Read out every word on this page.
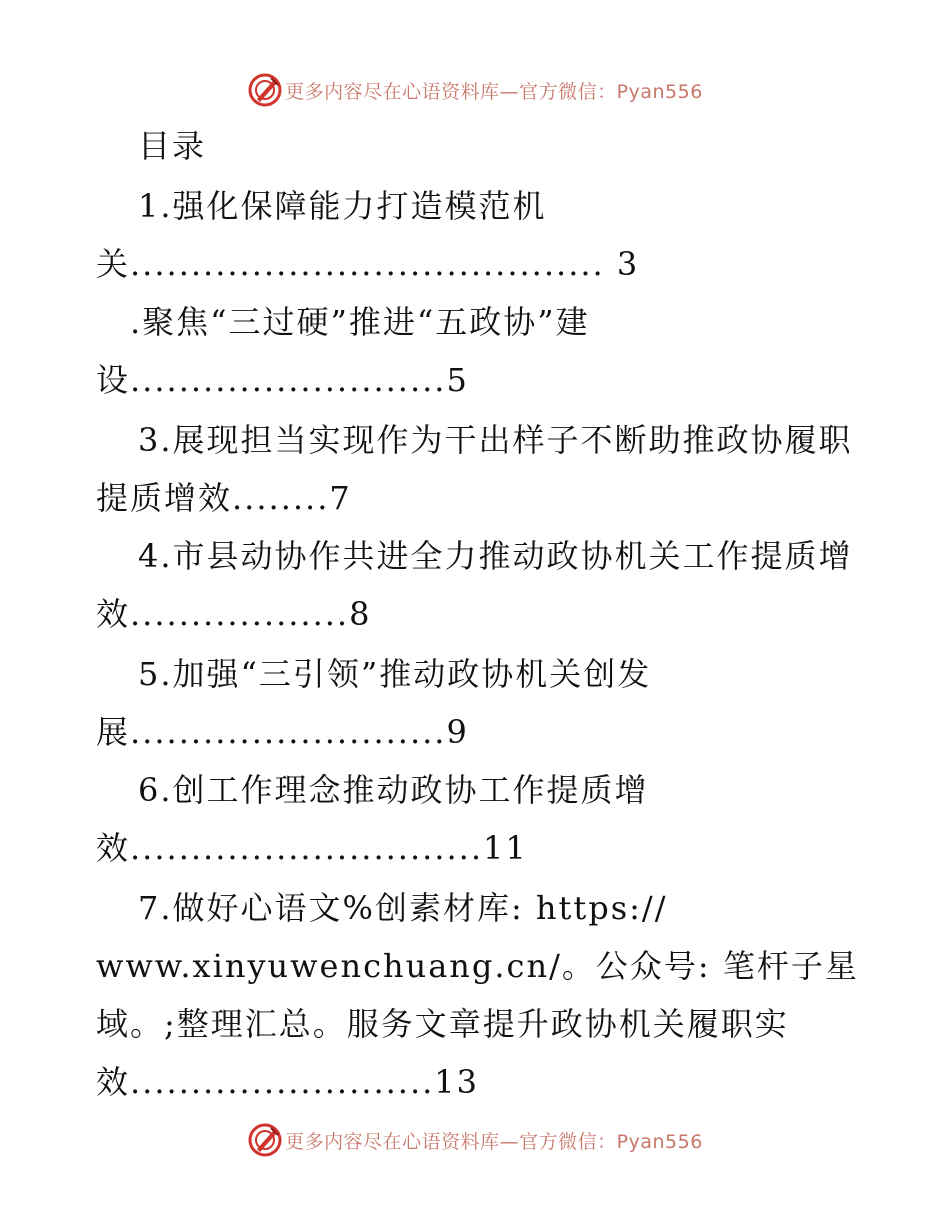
更多内容尽在心语资料库—官方微信：Pyan556
目录
1.强化保障能力打造模范机
关....................................... 3
.聚焦“三过硬”推进“五政协”建
设..........................5
3.展现担当实现作为干出样子不断助推政协履职
提质增效........7
4.市县动协作共进全力推动政协机关工作提质增
效..................8
5.加强“三引领”推动政协机关创发
展..........................9
6.创工作理念推动政协工作提质增
效.............................11
7.做好心语文%创素材库: https://
www.xinyuwenchuang.cn/。公众号: 笔杆子星
域。;整理汇总。服务文章提升政协机关履职实
效.........................13
更多内容尽在心语资料库—官方微信：Pyan556
